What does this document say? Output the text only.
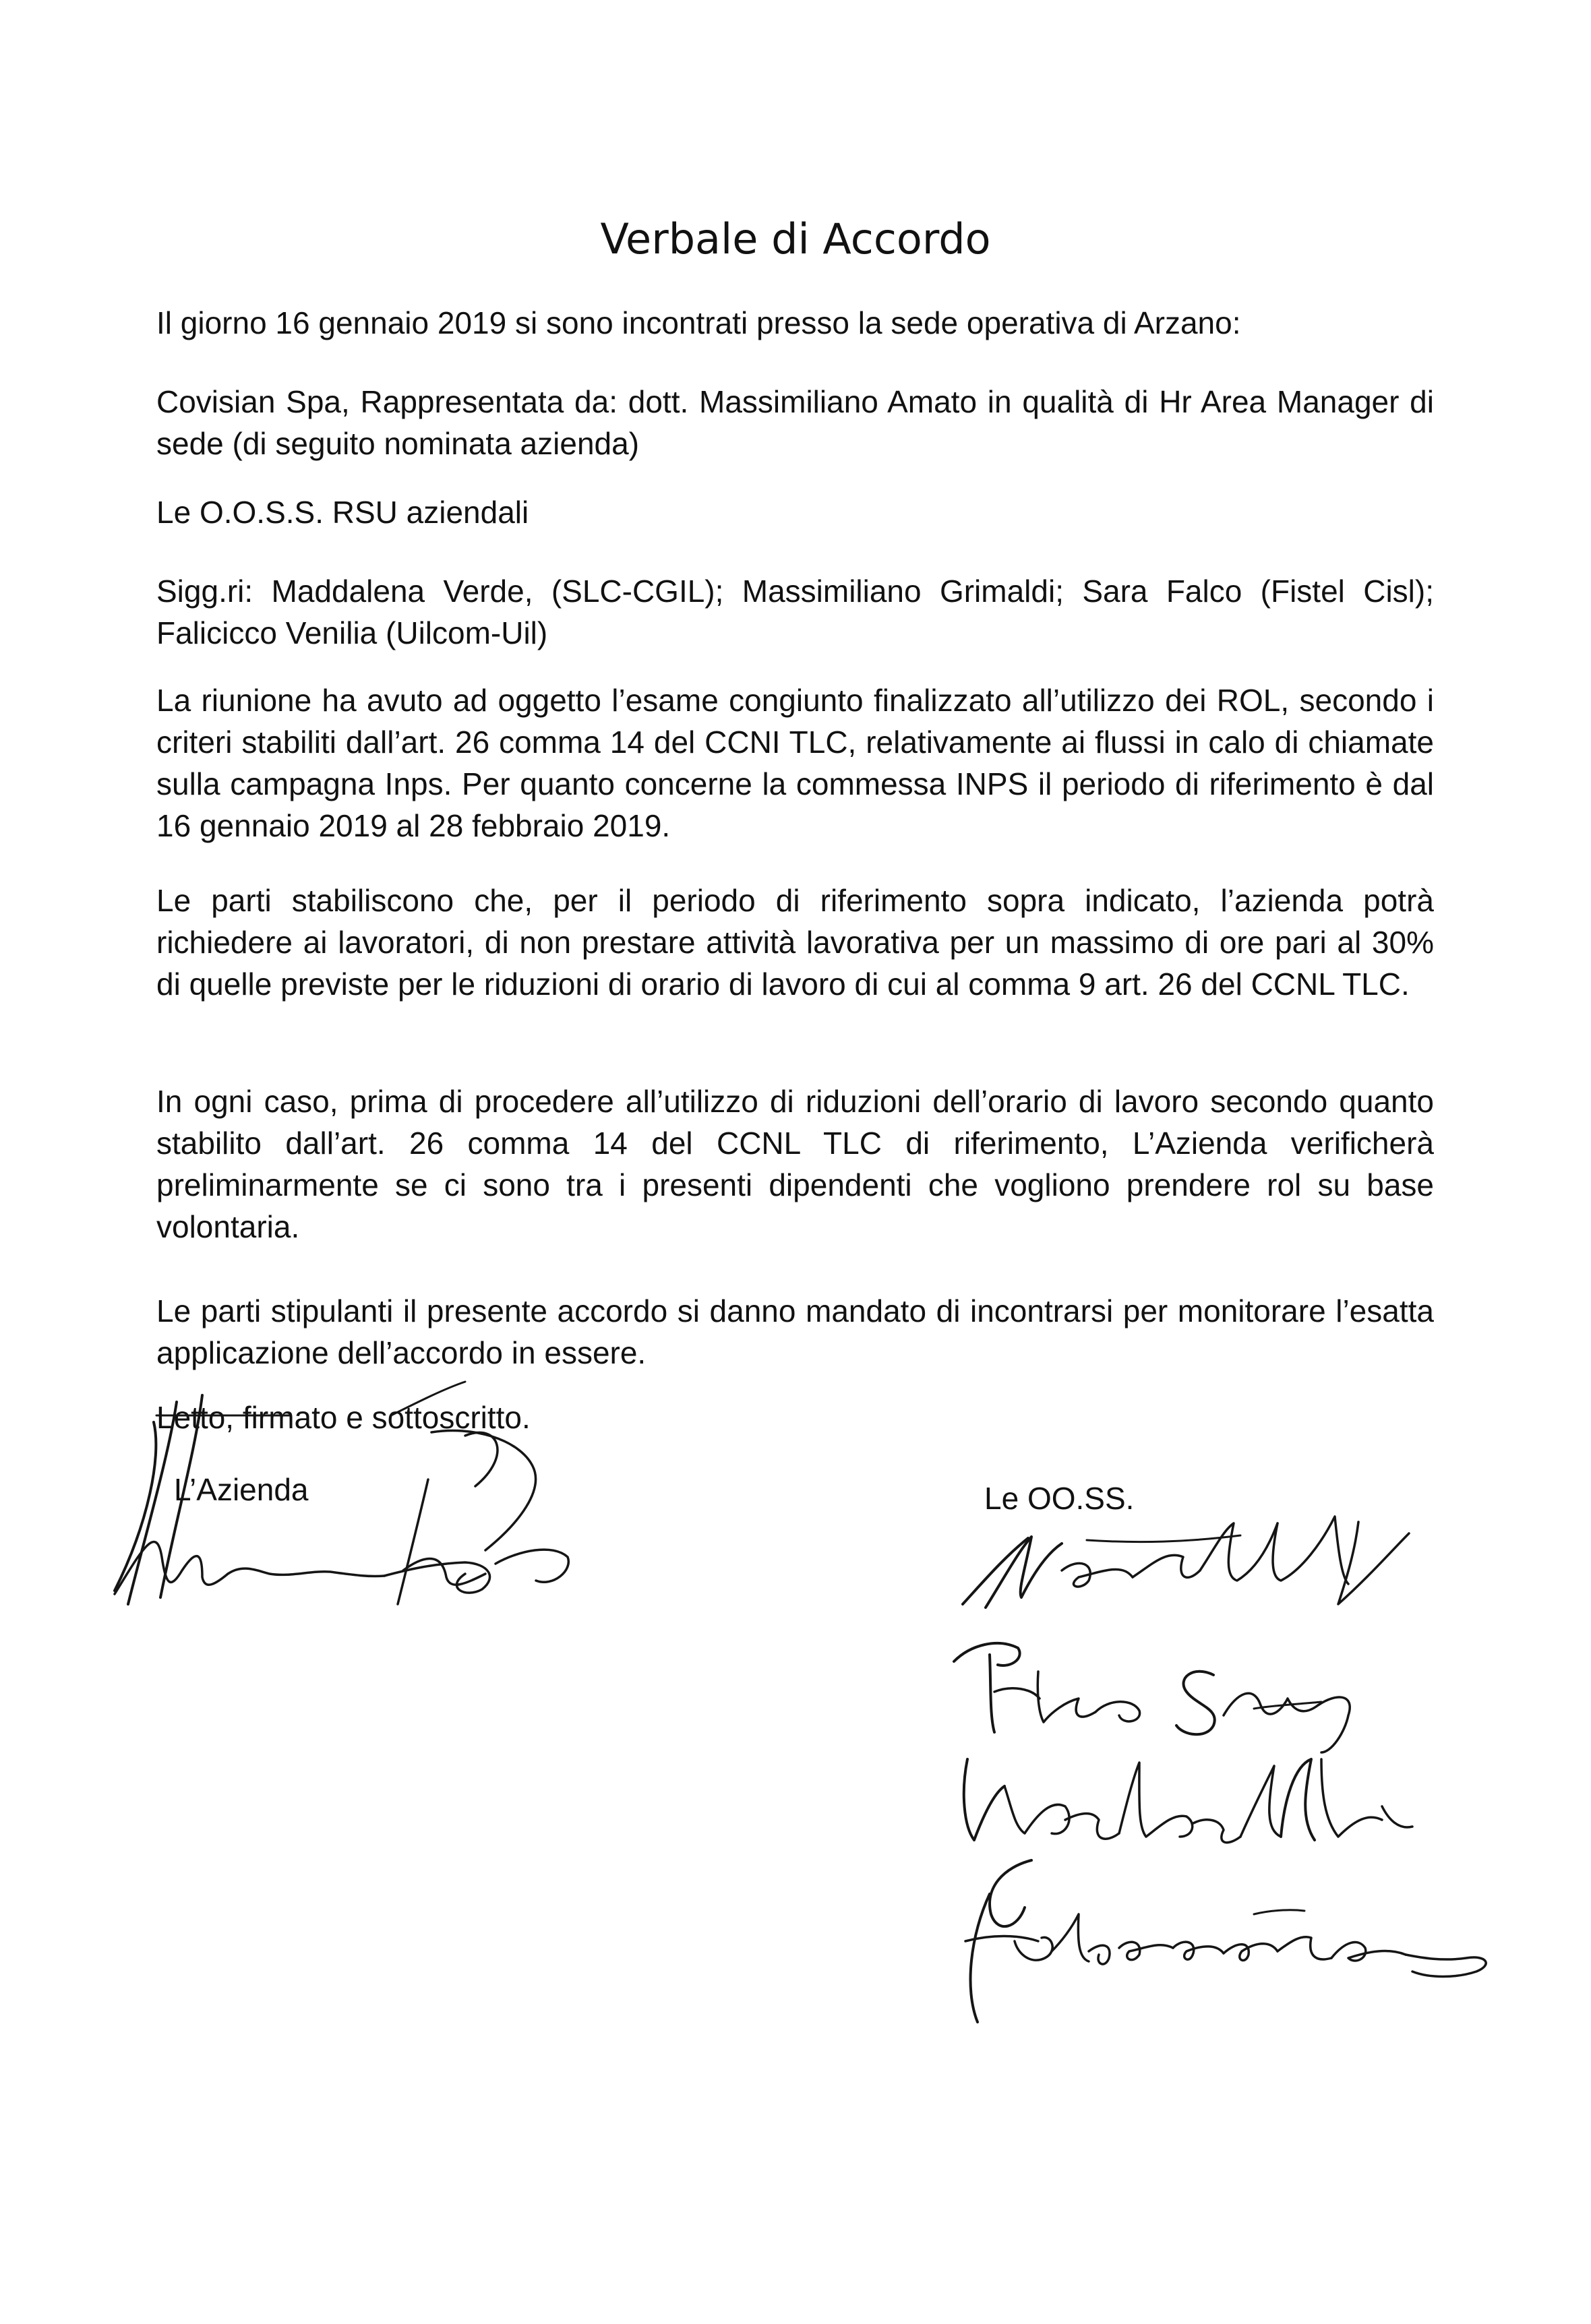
Verbale di Accordo

Il giorno 16 gennaio 2019 si sono incontrati presso la sede operativa di Arzano:

Covisian Spa, Rappresentata da: dott. Massimiliano Amato in qualità di Hr Area Manager di sede (di seguito nominata azienda)

Le O.O.S.S. RSU aziendali

Sigg.ri: Maddalena Verde, (SLC-CGIL); Massimiliano Grimaldi; Sara Falco (Fistel Cisl); Falicicco Venilia (Uilcom-Uil)

La riunione ha avuto ad oggetto l’esame congiunto finalizzato all’utilizzo dei ROL, secondo i criteri stabiliti dall’art. 26 comma 14 del CCNI TLC, relativamente ai flussi in calo di chiamate sulla campagna Inps. Per quanto concerne la commessa INPS il periodo di riferimento è dal 16 gennaio 2019 al 28 febbraio 2019.

Le parti stabiliscono che, per il periodo di riferimento sopra indicato, l’azienda potrà richiedere ai lavoratori, di non prestare attività lavorativa per un massimo di ore pari al 30% di quelle previste per le riduzioni di orario di lavoro di cui al comma 9 art. 26 del CCNL TLC.

In ogni caso, prima di procedere all’utilizzo di riduzioni dell’orario di lavoro secondo quanto stabilito dall’art. 26 comma 14 del CCNL TLC di riferimento, L’Azienda verificherà preliminarmente se ci sono tra i presenti dipendenti che vogliono prendere rol su base volontaria.

Le parti stipulanti il presente accordo si danno mandato di incontrarsi per monitorare l’esatta applicazione dell’accordo in essere.

Letto, firmato e sottoscritto.

L’Azienda	Le OO.SS.
